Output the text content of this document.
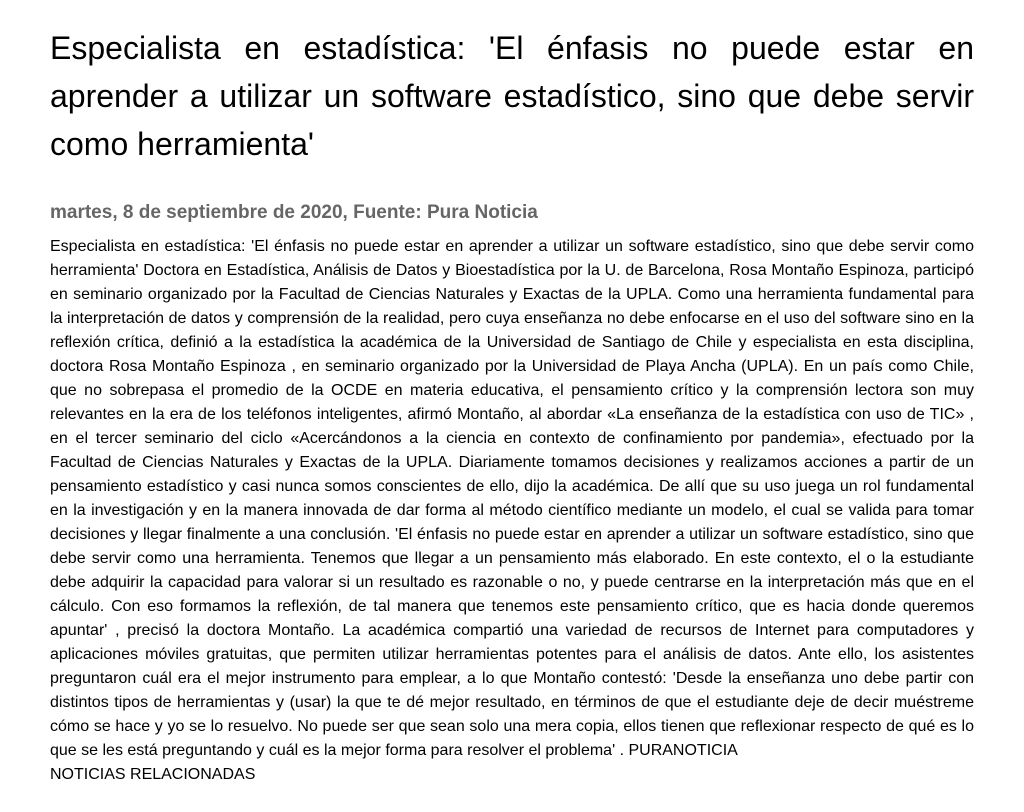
Especialista en estadística: 'El énfasis no puede estar en aprender a utilizar un software estadístico, sino que debe servir como herramienta'
martes, 8 de septiembre de 2020, Fuente: Pura Noticia
Especialista en estadística: 'El énfasis no puede estar en aprender a utilizar un software estadístico, sino que debe servir como herramienta' Doctora en Estadística, Análisis de Datos y Bioestadística por la U. de Barcelona, Rosa Montaño Espinoza, participó en seminario organizado por la Facultad de Ciencias Naturales y Exactas de la UPLA. Como una herramienta fundamental para la interpretación de datos y comprensión de la realidad, pero cuya enseñanza no debe enfocarse en el uso del software sino en la reflexión crítica, definió a la estadística la académica de la Universidad de Santiago de Chile y especialista en esta disciplina, doctora Rosa Montaño Espinoza , en seminario organizado por la Universidad de Playa Ancha (UPLA). En un país como Chile, que no sobrepasa el promedio de la OCDE en materia educativa, el pensamiento crítico y la comprensión lectora son muy relevantes en la era de los teléfonos inteligentes, afirmó Montaño, al abordar «La enseñanza de la estadística con uso de TIC» , en el tercer seminario del ciclo «Acercándonos a la ciencia en contexto de confinamiento por pandemia», efectuado por la Facultad de Ciencias Naturales y Exactas de la UPLA. Diariamente tomamos decisiones y realizamos acciones a partir de un pensamiento estadístico y casi nunca somos conscientes de ello, dijo la académica. De allí que su uso juega un rol fundamental en la investigación y en la manera innovada de dar forma al método científico mediante un modelo, el cual se valida para tomar decisiones y llegar finalmente a una conclusión. 'El énfasis no puede estar en aprender a utilizar un software estadístico, sino que debe servir como una herramienta. Tenemos que llegar a un pensamiento más elaborado. En este contexto, el o la estudiante debe adquirir la capacidad para valorar si un resultado es razonable o no, y puede centrarse en la interpretación más que en el cálculo. Con eso formamos la reflexión, de tal manera que tenemos este pensamiento crítico, que es hacia donde queremos apuntar' , precisó la doctora Montaño. La académica compartió una variedad de recursos de Internet para computadores y aplicaciones móviles gratuitas, que permiten utilizar herramientas potentes para el análisis de datos. Ante ello, los asistentes preguntaron cuál era el mejor instrumento para emplear, a lo que Montaño contestó: 'Desde la enseñanza uno debe partir con distintos tipos de herramientas y (usar) la que te dé mejor resultado, en términos de que el estudiante deje de decir muéstreme cómo se hace y yo se lo resuelvo. No puede ser que sean solo una mera copia, ellos tienen que reflexionar respecto de qué es lo que se les está preguntando y cuál es la mejor forma para resolver el problema' . PURANOTICIA
NOTICIAS RELACIONADAS
